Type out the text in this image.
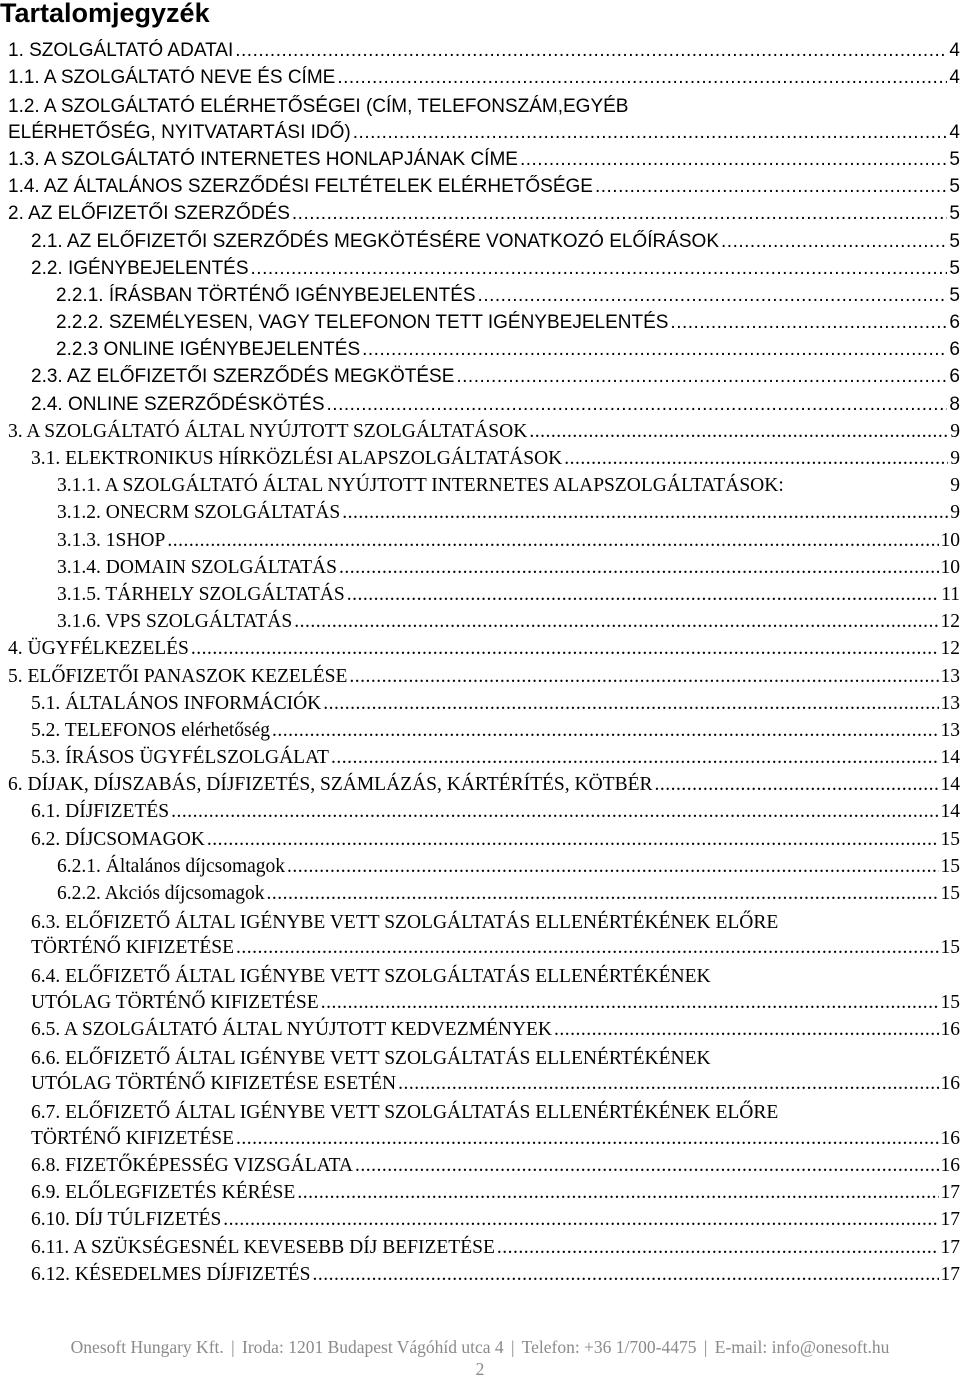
Tartalomjegyzék
1. SZOLGÁLTATÓ ADATAI .....	4
1.1. A SZOLGÁLTATÓ NEVE ÉS CÍME .....	4
1.2. A SZOLGÁLTATÓ ELÉRHETŐSÉGEI (CÍM, TELEFONSZÁM,EGYÉB
ELÉRHETŐSÉG, NYITVATARTÁSI IDŐ) .....	4
1.3. A SZOLGÁLTATÓ INTERNETES HONLAPJÁNAK CÍME .....	5
1.4. AZ ÁLTALÁNOS SZERZŐDÉSI FELTÉTELEK ELÉRHETŐSÉGE .....	5
2. AZ ELŐFIZETŐI SZERZŐDÉS .....	5
2.1. AZ ELŐFIZETŐI SZERZŐDÉS MEGKÖTÉSÉRE VONATKOZÓ ELŐÍRÁSOK .....	5
2.2. IGÉNYBEJELENTÉS .....	5
2.2.1. ÍRÁSBAN TÖRTÉNŐ IGÉNYBEJELENTÉS .....	5
2.2.2. SZEMÉLYESEN, VAGY TELEFONON TETT IGÉNYBEJELENTÉS .....	6
2.2.3 ONLINE IGÉNYBEJELENTÉS .....	6
2.3. AZ ELŐFIZETŐI SZERZŐDÉS MEGKÖTÉSE .....	6
2.4. ONLINE SZERZŐDÉSKÖTÉS .....	8
3. A SZOLGÁLTATÓ ÁLTAL NYÚJTOTT SZOLGÁLTATÁSOK .....	9
3.1. ELEKTRONIKUS HÍRKÖZLÉSI ALAPSZOLGÁLTATÁSOK .....	9
3.1.1. A SZOLGÁLTATÓ ÁLTAL NYÚJTOTT INTERNETES ALAPSZOLGÁLTATÁSOK:	9
3.1.2. ONECRM SZOLGÁLTATÁS .....	9
3.1.3. 1SHOP .....	10
3.1.4. DOMAIN SZOLGÁLTATÁS .....	10
3.1.5. TÁRHELY SZOLGÁLTATÁS .....	11
3.1.6. VPS SZOLGÁLTATÁS .....	12
4. ÜGYFÉLKEZELÉS .....	12
5. ELŐFIZETŐI PANASZOK KEZELÉSE .....	13
5.1. ÁLTALÁNOS INFORMÁCIÓK .....	13
5.2. TELEFONOS elérhetőség .....	13
5.3. ÍRÁSOS ÜGYFÉLSZOLGÁLAT .....	14
6. DÍJAK, DÍJSZABÁS, DÍJFIZETÉS, SZÁMLÁZÁS, KÁRTÉRÍTÉS, KÖTBÉR .....	14
6.1. DÍJFIZETÉS .....	14
6.2. DÍJCSOMAGOK .....	15
6.2.1. Általános díjcsomagok .....	15
6.2.2. Akciós díjcsomagok .....	15
6.3. ELŐFIZETŐ ÁLTAL IGÉNYBE VETT SZOLGÁLTATÁS ELLENÉRTÉKÉNEK ELŐRE
TÖRTÉNŐ KIFIZETÉSE .....	15
6.4. ELŐFIZETŐ ÁLTAL IGÉNYBE VETT SZOLGÁLTATÁS ELLENÉRTÉKÉNEK
UTÓLAG TÖRTÉNŐ KIFIZETÉSE .....	15
6.5. A SZOLGÁLTATÓ ÁLTAL NYÚJTOTT KEDVEZMÉNYEK .....	16
6.6. ELŐFIZETŐ ÁLTAL IGÉNYBE VETT SZOLGÁLTATÁS ELLENÉRTÉKÉNEK
UTÓLAG TÖRTÉNŐ KIFIZETÉSE ESETÉN .....	16
6.7. ELŐFIZETŐ ÁLTAL IGÉNYBE VETT SZOLGÁLTATÁS ELLENÉRTÉKÉNEK ELŐRE
TÖRTÉNŐ KIFIZETÉSE .....	16
6.8. FIZETŐKÉPESSÉG VIZSGÁLATA .....	16
6.9. ELŐLEGFIZETÉS KÉRÉSE .....	17
6.10. DÍJ TÚLFIZETÉS .....	17
6.11. A SZÜKSÉGESNÉL KEVESEBB DÍJ BEFIZETÉSE .....	17
6.12. KÉSEDELMES DÍJFIZETÉS .....	17
Onesoft Hungary Kft. | Iroda: 1201 Budapest Vágóhíd utca 4 | Telefon: +36 1/700-4475 | E-mail: info@onesoft.hu
2
